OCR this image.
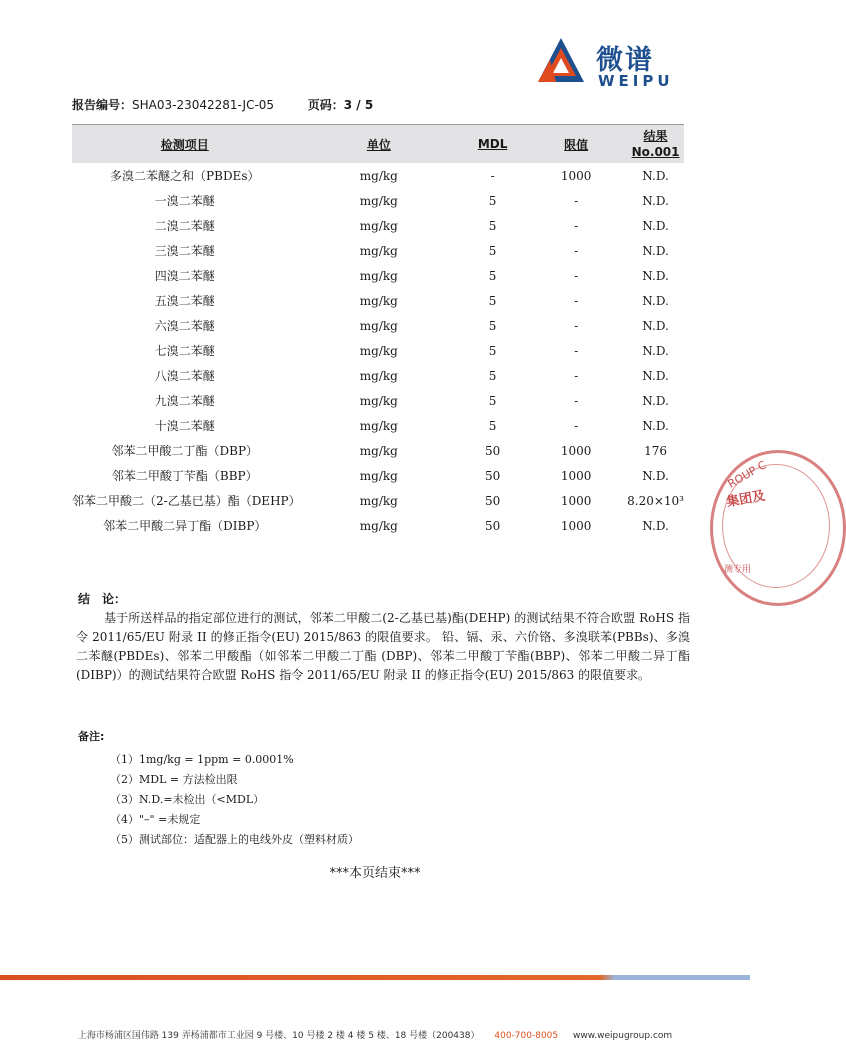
微谱
WEIPU
报告编号：SHA03-23042281-JC-05	页码：3 / 5
检测项目	单位	MDL	限值	结果
No.001

多溴二苯醚之和（PBDEs）	mg/kg	-	1000	N.D.
一溴二苯醚	mg/kg	5	-	N.D.
二溴二苯醚	mg/kg	5	-	N.D.
三溴二苯醚	mg/kg	5	-	N.D.
四溴二苯醚	mg/kg	5	-	N.D.
五溴二苯醚	mg/kg	5	-	N.D.
六溴二苯醚	mg/kg	5	-	N.D.
七溴二苯醚	mg/kg	5	-	N.D.
八溴二苯醚	mg/kg	5	-	N.D.
九溴二苯醚	mg/kg	5	-	N.D.
十溴二苯醚	mg/kg	5	-	N.D.
邻苯二甲酸二丁酯（DBP）	mg/kg	50	1000	176
邻苯二甲酸丁苄酯（BBP）	mg/kg	50	1000	N.D.
邻苯二甲酸二（2-乙基已基）酯（DEHP）	mg/kg	50	1000	8.20×10³
邻苯二甲酸二异丁酯（DIBP）	mg/kg	50	1000	N.D.
结　论：
基于所送样品的指定部位进行的测试，邻苯二甲酸二(2-乙基已基)酯(DEHP) 的测试结果不符合欧盟 RoHS 指令 2011/65/EU 附录 II 的修正指令(EU) 2015/863 的限值要求。 铅、镉、汞、六价铬、多溴联苯(PBBs)、多溴二苯醚(PBDEs)、邻苯二甲酸酯（如邻苯二甲酸二丁酯 (DBP)、邻苯二甲酸丁苄酯(BBP)、邻苯二甲酸二异丁酯(DIBP)）的测试结果符合欧盟 RoHS 指令 2011/65/EU 附录 II 的修正指令(EU) 2015/863 的限值要求。
备注:
（1）1mg/kg = 1ppm = 0.0001%
（2）MDL = 方法检出限
（3）N.D.=未检出（<MDL）
（4）"–" =未规定
（5）测试部位：适配器上的电线外皮（塑料材质）
***本页结束***
ROUP C
集团及
测专用
上海市杨浦区国伟路 139 弄杨浦都市工业园 9 号楼、10 号楼 2 楼 4 楼 5 楼、18 号楼（200438） 400-700-8005 www.weipugroup.com
